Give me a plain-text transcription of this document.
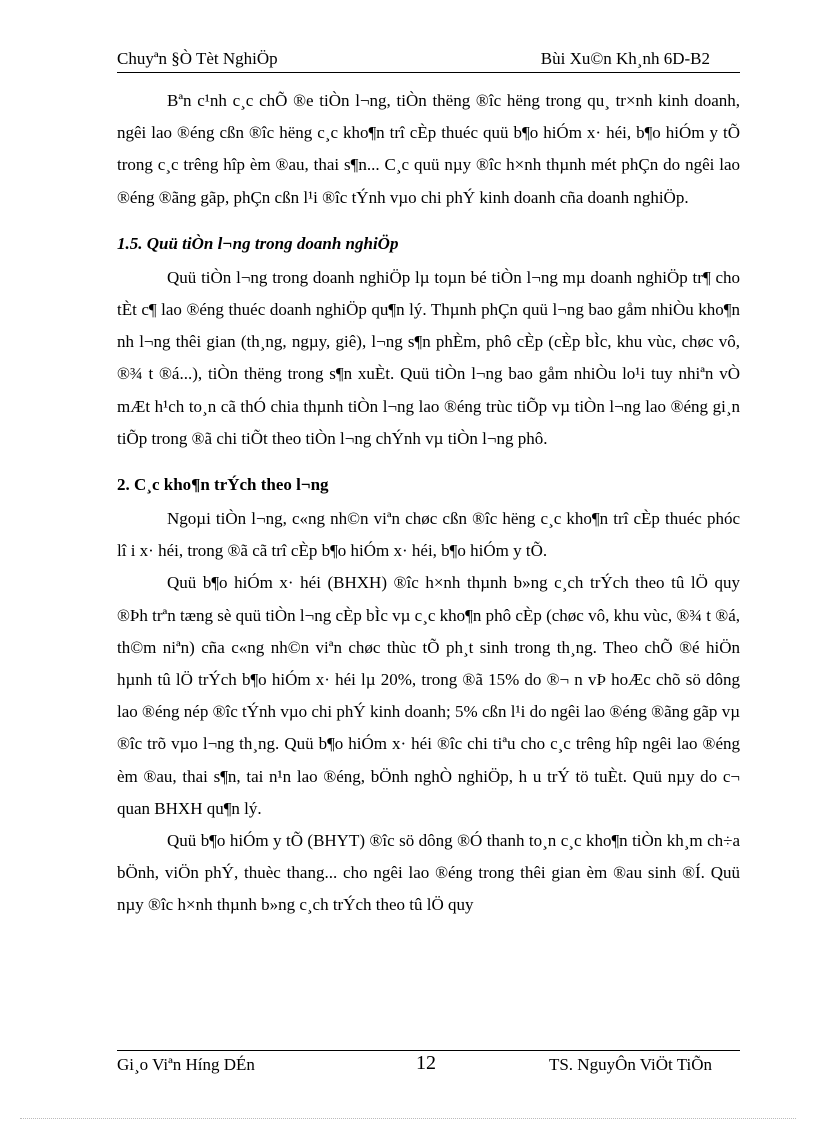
Chuyªn §Ò Tèt NghiÖp	Bùi Xu©n Kh¸nh 6D-B2

Bªn c¹nh c¸c chÕ ®e tiÒn l¬ng, tiÒn thëng ®îc hëng trong qu¸ tr×nh kinh doanh, ngêi lao ®éng cßn ®îc hëng c¸c kho¶n trî cÈp thuéc quü b¶o hiÓm x· héi, b¶o hiÓm y tÕ trong c¸c trêng hîp èm ®au, thai s¶n... C¸c quü nµy ®îc h×nh thµnh mét phÇn do ngêi lao ®éng ®ãng gãp, phÇn cßn l¹i ®îc tÝnh vµo chi phÝ kinh doanh cña doanh nghiÖp.

1.5. Quü tiÒn l¬ng trong doanh nghiÖp

Quü tiÒn l¬ng trong doanh nghiÖp lµ toµn bé tiÒn l¬ng mµ doanh nghiÖp tr¶ cho tÈt c¶ lao ®éng thuéc doanh nghiÖp qu¶n lý. Thµnh phÇn quü l¬ng bao gåm nhiÒu kho¶n nh l¬ng thêi gian (th¸ng, ngµy, giê), l¬ng s¶n phÈm, phô cÈp (cÈp bÌc, khu vùc, chøc vô, ®¾ t ®á...), tiÒn thëng trong s¶n xuÈt. Quü tiÒn l¬ng bao gåm nhiÒu lo¹i tuy nhiªn vÒ mÆt h¹ch to¸n cã thÓ chia thµnh tiÒn l¬ng lao ®éng trùc tiÕp vµ tiÒn l¬ng lao ®éng gi¸n tiÕp trong ®ã chi tiÕt theo tiÒn l¬ng chÝnh vµ tiÒn l¬ng phô.

2. C¸c kho¶n trÝch theo l¬ng

Ngoµi tiÒn l¬ng, c«ng nh©n viªn chøc cßn ®îc hëng c¸c kho¶n trî cÈp thuéc phóc lî i x· héi, trong ®ã cã trî cÈp b¶o hiÓm x· héi, b¶o hiÓm y tÕ.

Quü b¶o hiÓm x· héi (BHXH) ®îc h×nh thµnh b»ng c¸ch trÝch theo tû lÖ quy ®Þh trªn tæng sè quü tiÒn l¬ng cÈp bÌc vµ c¸c kho¶n phô cÈp (chøc vô, khu vùc, ®¾ t ®á, th©m niªn) cña c«ng nh©n viªn chøc thùc tÕ ph¸t sinh trong th¸ng. Theo chÕ ®é hiÖn hµnh tû lÖ trÝch b¶o hiÓm x· héi lµ 20%, trong ®ã 15% do ®¬ n vÞ hoÆc chõ sö dông lao ®éng nép ®îc tÝnh vµo chi phÝ kinh doanh; 5% cßn l¹i do ngêi lao ®éng ®ãng gãp vµ ®îc trõ vµo l¬ng th¸ng. Quü b¶o hiÓm x· héi ®îc chi tiªu cho c¸c trêng hîp ngêi lao ®éng èm ®au, thai s¶n, tai n¹n lao ®éng, bÖnh nghÒ nghiÖp, h u trÝ tö tuÈt. Quü nµy do c¬ quan BHXH qu¶n lý.

Quü b¶o hiÓm y tÕ (BHYT) ®îc sö dông ®Ó thanh to¸n c¸c kho¶n tiÒn kh¸m ch÷a bÖnh, viÖn phÝ, thuèc thang... cho ngêi lao ®éng trong thêi gian èm ®au sinh ®Í. Quü nµy ®îc h×nh thµnh b»ng c¸ch trÝch theo tû lÖ quy

Gi¸o Viªn Híng DÉn	12	TS. NguyÔn ViÖt TiÕn
